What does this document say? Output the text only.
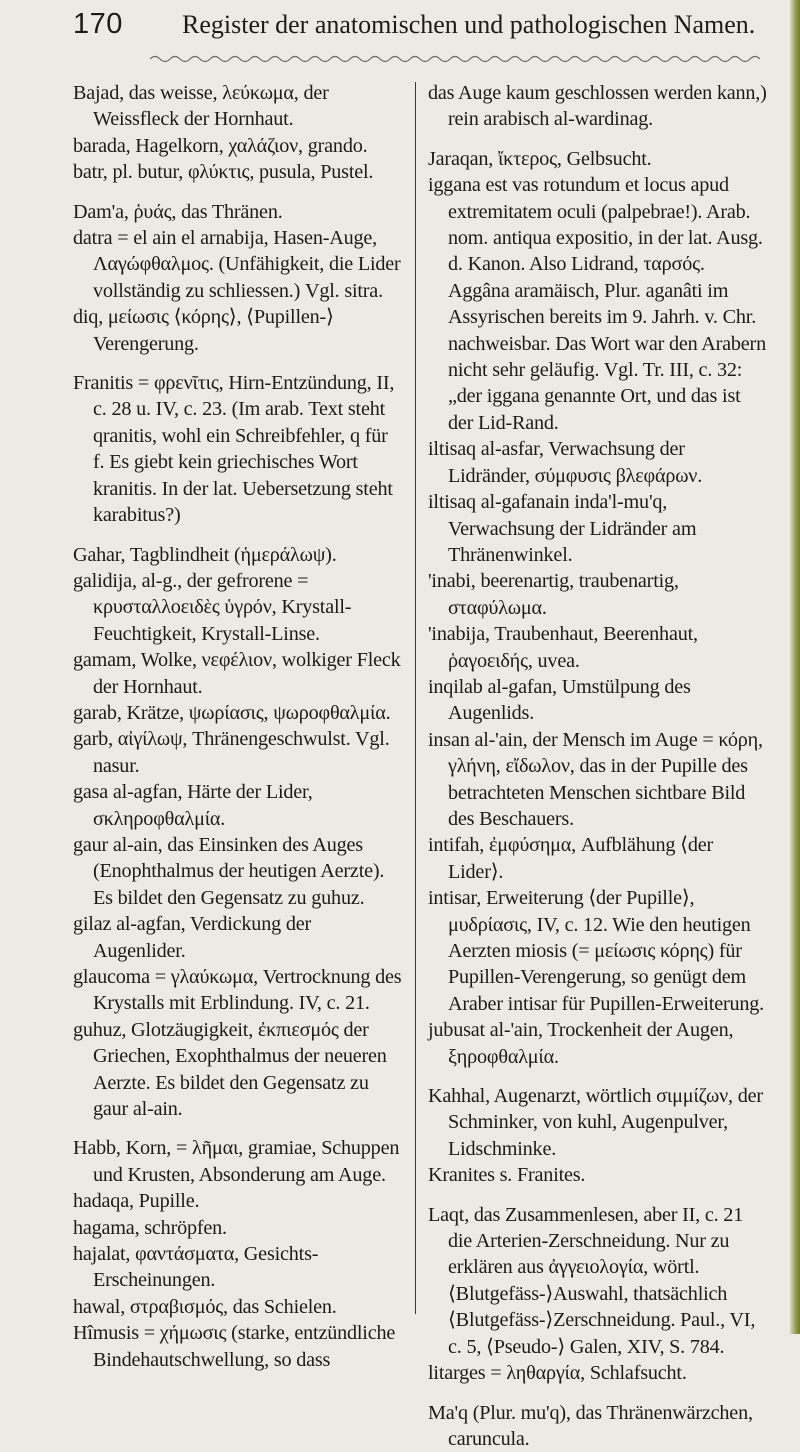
170 Register der anatomischen und pathologischen Namen.

Bajad, das weisse, λεύκωμα, der Weissfleck der Hornhaut.

barada, Hagelkorn, χαλάζιον, grando.

batr, pl. butur, φλύκτις, pusula, Pustel.

Dam'a, ῥυάς, das Thränen.

datra = el ain el arnabija, Hasen-Auge, Λαγώφθαλμος. (Unfähigkeit, die Lider vollständig zu schliessen.) Vgl. sitra.

diq, μείωσις ⟨κόρης⟩, ⟨Pupillen-⟩Verengerung.

Franitis = φρενῖτις, Hirn-Entzündung, II, c. 28 u. IV, c. 23. (Im arab. Text steht qranitis, wohl ein Schreibfehler, q für f. Es giebt kein griechisches Wort kranitis. In der lat. Uebersetzung steht karabitus?)

Gahar, Tagblindheit (ἡμεράλωψ).

galidija, al-g., der gefrorene = κρυσταλλοειδὲς ὑγρόν, Krystall-Feuchtigkeit, Krystall-Linse.

gamam, Wolke, νεφέλιον, wolkiger Fleck der Hornhaut.

garab, Krätze, ψωρίασις, ψωροφθαλμία.

garb, αἰγίλωψ, Thränengeschwulst. Vgl. nasur.

gasa al-agfan, Härte der Lider, σκληροφθαλμία.

gaur al-ain, das Einsinken des Auges (Enophthalmus der heutigen Aerzte). Es bildet den Gegensatz zu guhuz.

gilaz al-agfan, Verdickung der Augenlider.

glaucoma = γλαύκωμα, Vertrocknung des Krystalls mit Erblindung. IV, c. 21.

guhuz, Glotzäugigkeit, ἐκπιεσμός der Griechen, Exophthalmus der neueren Aerzte. Es bildet den Gegensatz zu gaur al-ain.

Habb, Korn, = λῆμαι, gramiae, Schuppen und Krusten, Absonderung am Auge.

hadaqa, Pupille.

hagama, schröpfen.

hajalat, φαντάσματα, Gesichts-Erscheinungen.

hawal, στραβισμός, das Schielen.

Hîmusis = χήμωσις (starke, entzündliche Bindehautschwellung, so dass

das Auge kaum geschlossen werden kann,) rein arabisch al-wardinag.

Jaraqan, ἴκτερος, Gelbsucht.

iggana est vas rotundum et locus apud extremitatem oculi (palpebrae!). Arab. nom. antiqua expositio, in der lat. Ausg. d. Kanon. Also Lidrand, ταρσός. Aggâna aramäisch, Plur. aganâti im Assyrischen bereits im 9. Jahrh. v. Chr. nachweisbar. Das Wort war den Arabern nicht sehr geläufig. Vgl. Tr. III, c. 32: „der iggana genannte Ort, und das ist der Lid-Rand.

iltisaq al-asfar, Verwachsung der Lidränder, σύμφυσις βλεφάρων.

iltisaq al-gafanain inda'l-mu'q, Verwachsung der Lidränder am Thränenwinkel.

'inabi, beerenartig, traubenartig, σταφύλωμα.

'inabija, Traubenhaut, Beerenhaut, ῥαγοειδής, uvea.

inqilab al-gafan, Umstülpung des Augenlids.

insan al-'ain, der Mensch im Auge = κόρη, γλήνη, εἴδωλον, das in der Pupille des betrachteten Menschen sichtbare Bild des Beschauers.

intifah, ἐμφύσημα, Aufblähung ⟨der Lider⟩.

intisar, Erweiterung ⟨der Pupille⟩, μυδρίασις, IV, c. 12. Wie den heutigen Aerzten miosis (= μείωσις κόρης) für Pupillen-Verengerung, so genügt dem Araber intisar für Pupillen-Erweiterung.

jubusat al-'ain, Trockenheit der Augen, ξηροφθαλμία.

Kahhal, Augenarzt, wörtlich σιμμίζων, der Schminker, von kuhl, Augenpulver, Lidschminke.

Kranites s. Franites.

Laqt, das Zusammenlesen, aber II, c. 21 die Arterien-Zerschneidung. Nur zu erklären aus ἀγγειολογία, wörtl. ⟨Blutgefäss-⟩Auswahl, thatsächlich ⟨Blutgefäss-⟩Zerschneidung. Paul., VI, c. 5, ⟨Pseudo-⟩ Galen, XIV, S. 784.

litarges = ληθαργία, Schlafsucht.

Ma'q (Plur. mu'q), das Thränenwärzchen, caruncula.
